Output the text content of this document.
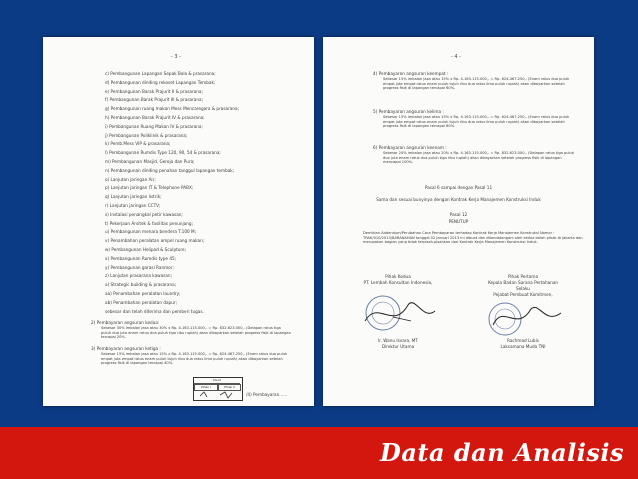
- 3 -
c) Pembangunan Lapangan Sepak Bola & prasarana;
d) Pembangunan dinding rekoset Lapangan Tembak;
e) Pembangunan Barak Prajurit II & prasarana;
f) Pembangunan Barak Prajurit III & prasarana;
g) Pembangunan ruang makan Mess Mencaregara & prasarana;
h) Pembangunan Barak Prajurit IV & prasarana;
i) Pembangunan Ruang Makan IV & prasarana;
j) Pembangunan Poliklinik & prasarana;
k) Pemb.Mess VIP & prasarana;
l) Pembangunan Rumdis Type 120, 90, 54 & prasarana;
m) Pembangunan Masjid, Gereja dan Pura;
n) Pembangunan dinding penahan tanggul lapangan tembak;
o) Lanjutan jaringan Air;
p) Lanjutan jaringan IT & Telephone PABX;
q) Lanjutan jaringan listrik;
r) Lanjutan jaringan CCTV;
s) Instalasi penangkal petir kawasan;
t) Pekerjaan Arsitek & fasilitas penunjang;
u) Pembangunan menara bendera T.100 M;
v) Penambahan peralatan ampel ruang makan;
w) Pembangunan Helipad & Sculpture;
x) Pembangunan Rumdis type 45;
y) Pembangunan garasi Ranmor;
z) Lanjutan prasarana kawasan;
a) Strategic building & prasarana;
aa) Penambahan peralatan laundry;
ab) Penambahan peralatan dapur;
sebesar dan telah diterima dan pemberi tugas.
2) Pembayaran angsuran kedua:
Sebesar 30% imbalan jasa atau 30% x Rp. 4.163.115.000,- = Rp. 832.623.000,- (Delapan ratus tiga puluh dua juta enam ratus dua puluh tiga ribu rupiah) akan dibayarkan setelah progress fisik di lapangan tercapai 20%.
3) Pembayaran angsuran ketiga :
Sebesar 15% imbalan jasa atau 15% x Rp. 4.163.115.000,- = Rp. 624.467.250,- (Enam ratus dua puluh empat juta empat ratus enam puluh tujuh ribu dua ratus lima puluh rupiah) akan dibayarkan setelah progress fisik di lapangan tercapai 40%.
Paraf
Pihak I	Pihak II
/4) Pembayaran......
- 4 -
4) Pembayaran angsuran keempat :
Sebesar 15% imbalan jasa atau 15% x Rp. 4.163.115.000,- = Rp. 624.467.250,- (Enam ratus dua puluh empat juta empat ratus enam puluh tujuh ribu dua ratus lima puluh rupiah) akan dibayarkan setelah progress fisik di lapangan tercapai 60%.
5) Pembayaran angsuran kelima :
Sebesar 15% imbalan jasa atau 15% x Rp. 4.163.115.000,- = Rp. 624.467.250,- (Enam ratus dua puluh empat juta empat ratus enam puluh tujuh ribu dua ratus lima puluh rupiah) akan dibayarkan setelah progress fisik di lapangan tercapai 80%.
6) Pembayaran angsuran keenam :
Sebesar 20% imbalan jasa atau 20% x Rp. 4.163.115.000,- = Rp. 832.623.000,- (Delapan ratus tiga puluh dua juta enam ratus dua puluh tiga ribu rupiah) akan dibayarkan setelah progress fisik di lapangan mencapai 100%.
Pasal 6 sampai dengan Pasal 11
Sama dan sesuai bunyinya dengan Kontrak Kerja Manajemen Konstruksi Induk
Pasal 12
PENUTUP
Demikian Addendum/Perubahan Cara Pembayaran terhadap Kontrak Kerja Manajemen Konstruksi Nomor : TRAK/010/2013/BARANAHAN tanggal 02 Januari 2013 ini dibuat dan ditandatangani oleh kedua belah pihak di Jakarta dan merupakan bagian yang tidak terpisah-pisahkan dari Kontrak Kerja Manajemen Konstruksi Induk.
Pihak Kedua
PT. Lembah Konsultan Indonesia,
Ir. Wanu Isvara, MT
Direktur Utama
Pihak Pertama
Kepala Badan Sarana Pertahanan
Selaku
Pejabat Pembuat Komitmen,
Rachmad Lubis
Laksamana Muda TNI
Data dan Analisis
